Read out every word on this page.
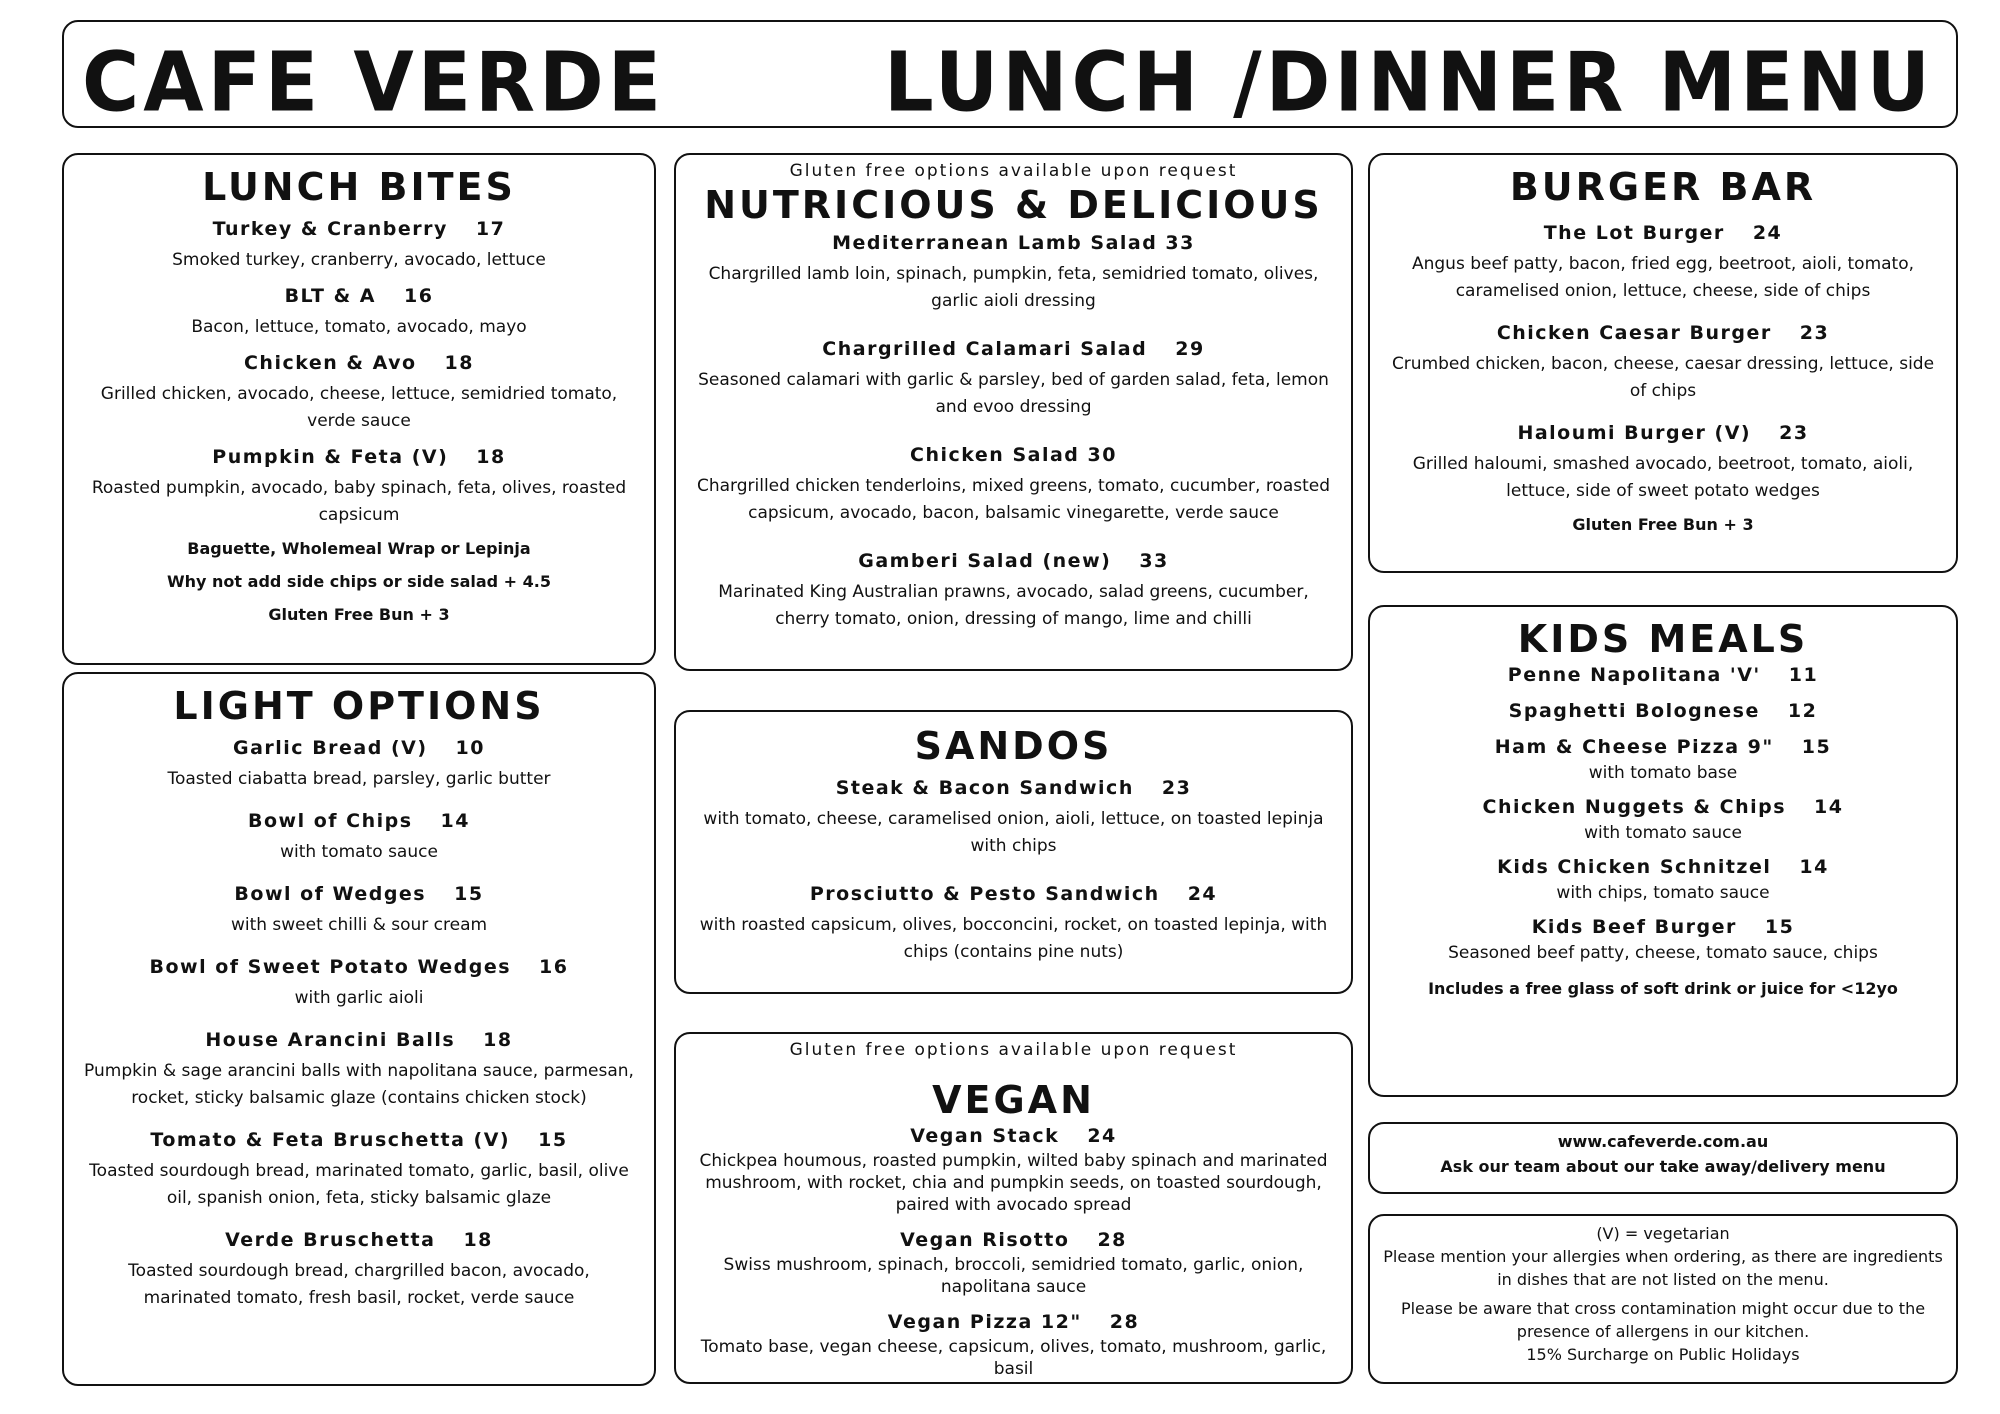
CAFE VERDE	LUNCH /DINNER MENU
LUNCH BITES
Turkey & Cranberry 17
Smoked turkey, cranberry, avocado, lettuce
BLT & A 16
Bacon, lettuce, tomato, avocado, mayo
Chicken & Avo 18
Grilled chicken, avocado, cheese, lettuce, semidried tomato, verde sauce
Pumpkin & Feta (V) 18
Roasted pumpkin, avocado, baby spinach, feta, olives, roasted capsicum
Baguette, Wholemeal Wrap or Lepinja
Why not add side chips or side salad + 4.5
Gluten Free Bun + 3
LIGHT OPTIONS
Garlic Bread (V) 10
Toasted ciabatta bread, parsley, garlic butter
Bowl of Chips 14
with tomato sauce
Bowl of Wedges 15
with sweet chilli & sour cream
Bowl of Sweet Potato Wedges 16
with garlic aioli
House Arancini Balls 18
Pumpkin & sage arancini balls with napolitana sauce, parmesan, rocket, sticky balsamic glaze (contains chicken stock)
Tomato & Feta Bruschetta (V) 15
Toasted sourdough bread, marinated tomato, garlic, basil, olive oil, spanish onion, feta, sticky balsamic glaze
Verde Bruschetta 18
Toasted sourdough bread, chargrilled bacon, avocado, marinated tomato, fresh basil, rocket, verde sauce
Gluten free options available upon request
NUTRICIOUS & DELICIOUS
Mediterranean Lamb Salad 33
Chargrilled lamb loin, spinach, pumpkin, feta, semidried tomato, olives, garlic aioli dressing
Chargrilled Calamari Salad 29
Seasoned calamari with garlic & parsley, bed of garden salad, feta, lemon and evoo dressing
Chicken Salad 30
Chargrilled chicken tenderloins, mixed greens, tomato, cucumber, roasted capsicum, avocado, bacon, balsamic vinegarette, verde sauce
Gamberi Salad (new) 33
Marinated King Australian prawns, avocado, salad greens, cucumber, cherry tomato, onion, dressing of mango, lime and chilli
SANDOS
Steak & Bacon Sandwich 23
with tomato, cheese, caramelised onion, aioli, lettuce, on toasted lepinja with chips
Prosciutto & Pesto Sandwich 24
with roasted capsicum, olives, bocconcini, rocket, on toasted lepinja, with chips (contains pine nuts)
Gluten free options available upon request
VEGAN
Vegan Stack 24
Chickpea houmous, roasted pumpkin, wilted baby spinach and marinated mushroom, with rocket, chia and pumpkin seeds, on toasted sourdough, paired with avocado spread
Vegan Risotto 28
Swiss mushroom, spinach, broccoli, semidried tomato, garlic, onion, napolitana sauce
Vegan Pizza 12" 28
Tomato base, vegan cheese, capsicum, olives, tomato, mushroom, garlic, basil
BURGER BAR
The Lot Burger 24
Angus beef patty, bacon, fried egg, beetroot, aioli, tomato, caramelised onion, lettuce, cheese, side of chips
Chicken Caesar Burger 23
Crumbed chicken, bacon, cheese, caesar dressing, lettuce, side of chips
Haloumi Burger (V) 23
Grilled haloumi, smashed avocado, beetroot, tomato, aioli, lettuce, side of sweet potato wedges
Gluten Free Bun + 3
KIDS MEALS
Penne Napolitana 'V' 11
Spaghetti Bolognese 12
Ham & Cheese Pizza 9" 15
with tomato base
Chicken Nuggets & Chips 14
with tomato sauce
Kids Chicken Schnitzel 14
with chips, tomato sauce
Kids Beef Burger 15
Seasoned beef patty, cheese, tomato sauce, chips
Includes a free glass of soft drink or juice for <12yo
www.cafeverde.com.au
Ask our team about our take away/delivery menu
(V) = vegetarian
Please mention your allergies when ordering, as there are ingredients in dishes that are not listed on the menu.
Please be aware that cross contamination might occur due to the presence of allergens in our kitchen.
15% Surcharge on Public Holidays
